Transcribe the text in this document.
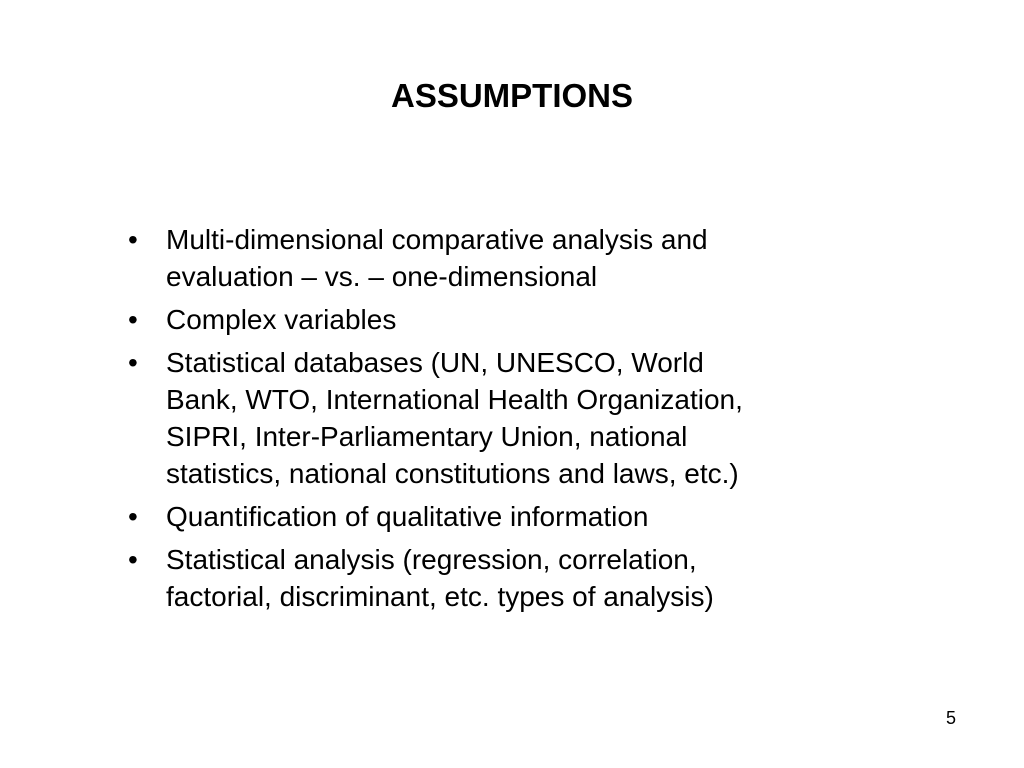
ASSUMPTIONS
•	Multi-dimensional comparative analysis and
evaluation – vs. – one-dimensional
•	Complex variables
•	Statistical databases (UN, UNESCO, World
Bank, WTO, International Health Organization,
SIPRI, Inter-Parliamentary Union, national
statistics, national constitutions and laws, etc.)
•	Quantification of qualitative information
•	Statistical analysis (regression, correlation,
factorial, discriminant, etc. types of analysis)
5
